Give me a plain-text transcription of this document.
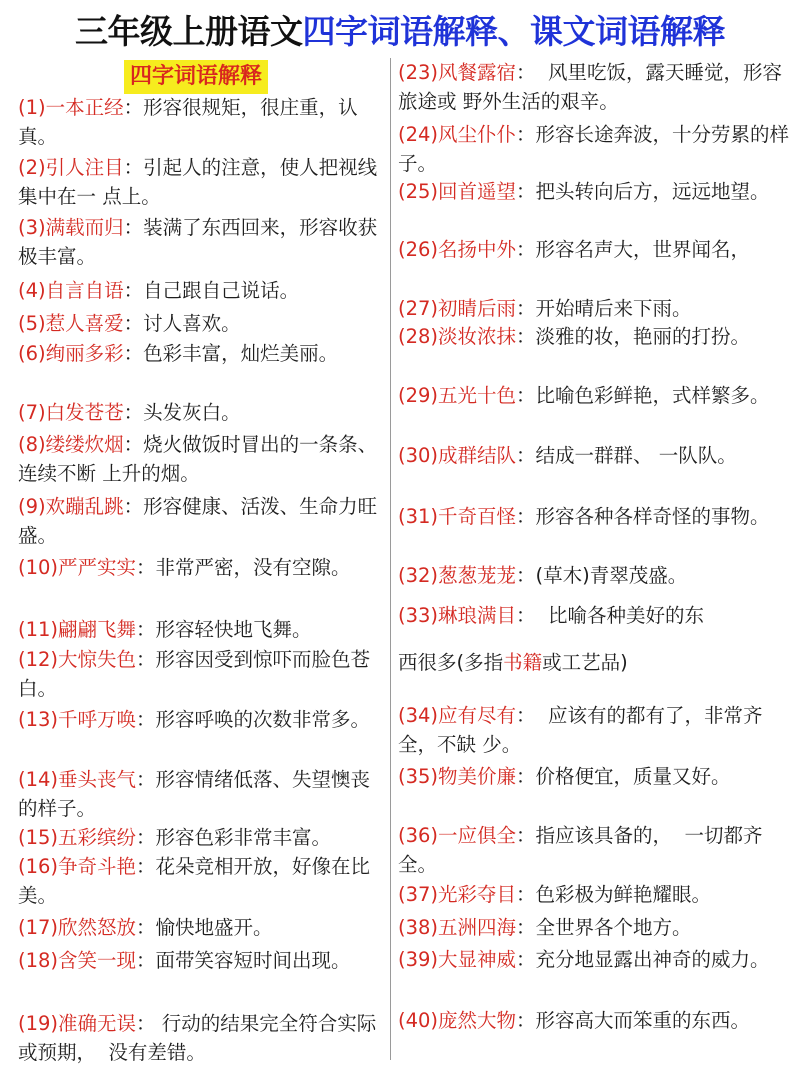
三年级上册语文四字词语解释、课文词语解释
四字词语解释
(1)一本正经：形容很规矩，很庄重，认真。
(2)引人注目：引起人的注意，使人把视线集中在一 点上。
(3)满载而归：装满了东西回来，形容收获极丰富。
(4)自言自语：自己跟自己说话。
(5)惹人喜爱：讨人喜欢。
(6)绚丽多彩：色彩丰富，灿烂美丽。
(7)白发苍苍：头发灰白。
(8)缕缕炊烟：烧火做饭时冒出的一条条、连续不断 上升的烟。
(9)欢蹦乱跳：形容健康、活泼、生命力旺盛。
(10)严严实实：非常严密，没有空隙。
(11)翩翩飞舞：形容轻快地飞舞。
(12)大惊失色：形容因受到惊吓而脸色苍白。
(13)千呼万唤：形容呼唤的次数非常多。
(14)垂头丧气：形容情绪低落、失望懊丧的样子。
(15)五彩缤纷：形容色彩非常丰富。
(16)争奇斗艳：花朵竞相开放，好像在比美。
(17)欣然怒放：愉快地盛开。
(18)含笑一现：面带笑容短时间出现。
(19)准确无误： 行动的结果完全符合实际或预期，  没有差错。
(23)风餐露宿：  风里吃饭，露天睡觉，形容旅途或 野外生活的艰辛。
(24)风尘仆仆：形容长途奔波，十分劳累的样子。
(25)回首遥望：把头转向后方，远远地望。
(26)名扬中外：形容名声大，世界闻名，
(27)初睛后雨：开始晴后来下雨。
(28)淡妆浓抹：淡雅的妆，艳丽的打扮。
(29)五光十色：比喻色彩鲜艳，式样繁多。
(30)成群结队：结成一群群、 一队队。
(31)千奇百怪：形容各种各样奇怪的事物。
(32)葱葱茏茏：(草木)青翠茂盛。
(33)琳琅满目：  比喻各种美好的东
西很多(多指书籍或工艺品)
(34)应有尽有：  应该有的都有了，非常齐全，不缺 少。
(35)物美价廉：价格便宜，质量又好。
(36)一应俱全：指应该具备的，  一切都齐全。
(37)光彩夺目：色彩极为鲜艳耀眼。
(38)五洲四海：全世界各个地方。
(39)大显神威：充分地显露出神奇的威力。
(40)庞然大物：形容高大而笨重的东西。
